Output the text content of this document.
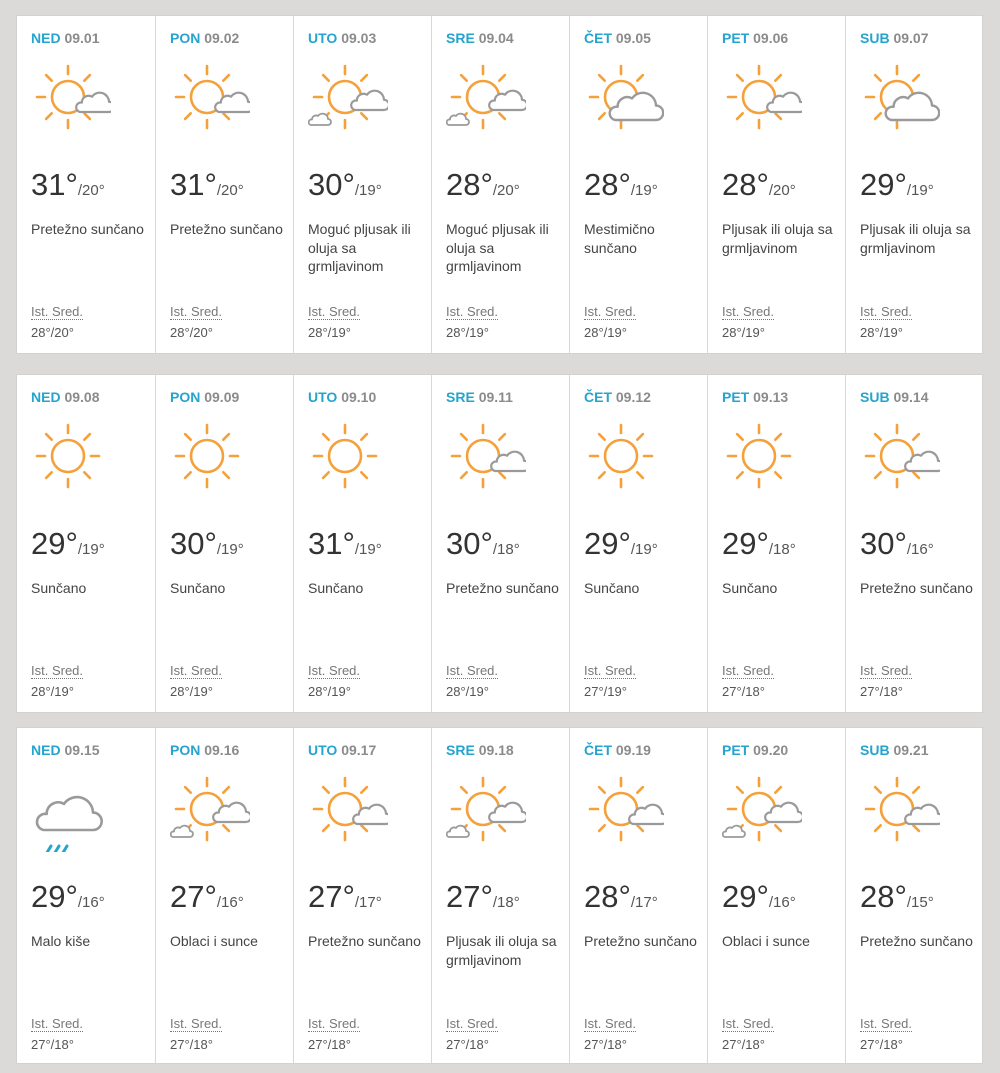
NED 09.01
31°/20°
Pretežno sunčano
Ist. Sred.
28°/20°
PON 09.02
31°/20°
Pretežno sunčano
Ist. Sred.
28°/20°
UTO 09.03
30°/19°
Moguć pljusak ili oluja sa grmljavinom
Ist. Sred.
28°/19°
SRE 09.04
28°/20°
Moguć pljusak ili oluja sa grmljavinom
Ist. Sred.
28°/19°
ČET 09.05
28°/19°
Mestimično sunčano
Ist. Sred.
28°/19°
PET 09.06
28°/20°
Pljusak ili oluja sa grmljavinom
Ist. Sred.
28°/19°
SUB 09.07
29°/19°
Pljusak ili oluja sa grmljavinom
Ist. Sred.
28°/19°
NED 09.08
29°/19°
Sunčano
Ist. Sred.
28°/19°
PON 09.09
30°/19°
Sunčano
Ist. Sred.
28°/19°
UTO 09.10
31°/19°
Sunčano
Ist. Sred.
28°/19°
SRE 09.11
30°/18°
Pretežno sunčano
Ist. Sred.
28°/19°
ČET 09.12
29°/19°
Sunčano
Ist. Sred.
27°/19°
PET 09.13
29°/18°
Sunčano
Ist. Sred.
27°/18°
SUB 09.14
30°/16°
Pretežno sunčano
Ist. Sred.
27°/18°
NED 09.15
29°/16°
Malo kiše
Ist. Sred.
27°/18°
PON 09.16
27°/16°
Oblaci i sunce
Ist. Sred.
27°/18°
UTO 09.17
27°/17°
Pretežno sunčano
Ist. Sred.
27°/18°
SRE 09.18
27°/18°
Pljusak ili oluja sa grmljavinom
Ist. Sred.
27°/18°
ČET 09.19
28°/17°
Pretežno sunčano
Ist. Sred.
27°/18°
PET 09.20
29°/16°
Oblaci i sunce
Ist. Sred.
27°/18°
SUB 09.21
28°/15°
Pretežno sunčano
Ist. Sred.
27°/18°
